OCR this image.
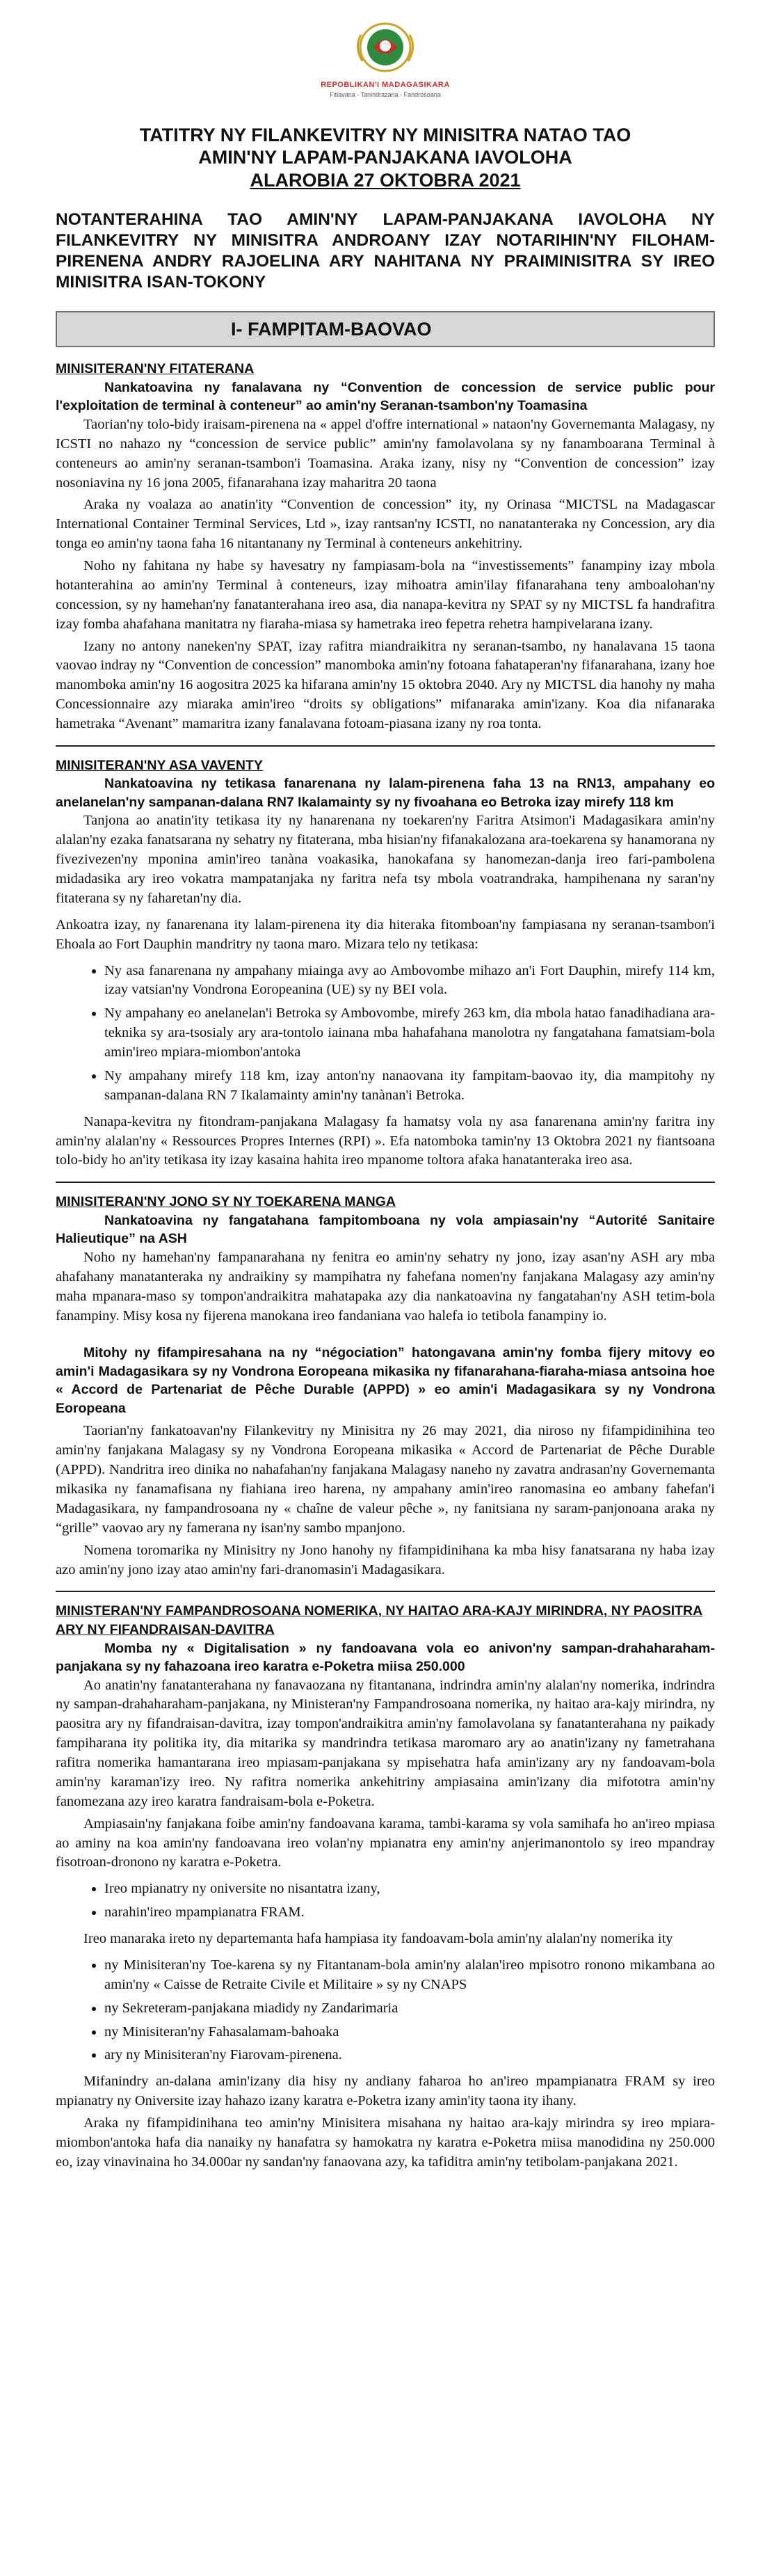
REPOBLIKAN'I MADAGASIKARA
Fitiavana - Tanindrazana - Fandrosoana
TATITRY NY FILANKEVITRY NY MINISITRA NATAO TAO
AMIN'NY LAPAM-PANJAKANA IAVOLOHA
ALAROBIA 27 OKTOBRA 2021
NOTANTERAHINA TAO AMIN'NY LAPAM-PANJAKANA IAVOLOHA NY FILANKEVITRY NY MINISITRA ANDROANY IZAY NOTARIHIN'NY FILOHAM-PIRENENA ANDRY RAJOELINA ARY NAHITANA NY PRAIMINISITRA SY IREO MINISITRA ISAN-TOKONY
I- FAMPITAM-BAOVAO
MINISITERAN'NY FITATERANA

Nankatoavina ny fanalavana ny “Convention de concession de service public pour l'exploitation de terminal à conteneur” ao amin'ny Seranan-tsambon'ny Toamasina

Taorian'ny tolo-bidy iraisam-pirenena na « appel d'offre international » nataon'ny Governemanta Malagasy, ny ICSTI no nahazo ny “concession de service public” amin'ny famolavolana sy ny fanamboarana Terminal à conteneurs ao amin'ny seranan-tsambon'i Toamasina. Araka izany, nisy ny “Convention de concession” izay nosoniavina ny 16 jona 2005, fifanarahana izay maharitra 20 taona

Araka ny voalaza ao anatin'ity “Convention de concession” ity, ny Orinasa “MICTSL na Madagascar International Container Terminal Services, Ltd », izay rantsan'ny ICSTI, no nanatanteraka ny Concession, ary dia tonga eo amin'ny taona faha 16 nitantanany ny Terminal à conteneurs ankehitriny.

Noho ny fahitana ny habe sy havesatry ny fampiasam-bola na “investissements” fanampiny izay mbola hotanterahina ao amin'ny Terminal à conteneurs, izay mihoatra amin'ilay fifanarahana teny amboalohan'ny concession, sy ny hamehan'ny fanatanterahana ireo asa, dia nanapa-kevitra ny SPAT sy ny MICTSL fa handrafitra izay fomba ahafahana manitatra ny fiaraha-miasa sy hametraka ireo fepetra rehetra hampivelarana izany.

Izany no antony naneken'ny SPAT, izay rafitra miandraikitra ny seranan-tsambo, ny hanalavana 15 taona vaovao indray ny “Convention de concession” manomboka amin'ny fotoana fahataperan'ny fifanarahana, izany hoe manomboka amin'ny 16 aogositra 2025 ka hifarana amin'ny 15 oktobra 2040. Ary ny MICTSL dia hanohy ny maha Concessionnaire azy miaraka amin'ireo “droits sy obligations” mifanaraka amin'izany. Koa dia nifanaraka hametraka “Avenant” mamaritra izany fanalavana fotoam-piasana izany ny roa tonta.

MINISITERAN'NY ASA VAVENTY

Nankatoavina ny tetikasa fanarenana ny lalam-pirenena faha 13 na RN13, ampahany eo anelanelan'ny sampanan-dalana RN7 Ikalamainty sy ny fivoahana eo Betroka izay mirefy 118 km

Tanjona ao anatin'ity tetikasa ity ny hanarenana ny toekaren'ny Faritra Atsimon'i Madagasikara amin'ny alalan'ny ezaka fanatsarana ny sehatry ny fitaterana, mba hisian'ny fifanakalozana ara-toekarena sy hanamorana ny fivezivezen'ny mponina amin'ireo tanàna voakasika, hanokafana sy hanomezan-danja ireo fari-pambolena midadasika ary ireo vokatra mampatanjaka ny faritra nefa tsy mbola voatrandraka, hampihenana ny saran'ny fitaterana sy ny faharetan'ny dia.

Ankoatra izay, ny fanarenana ity lalam-pirenena ity dia hiteraka fitomboan'ny fampiasana ny seranan-tsambon'i Ehoala ao Fort Dauphin mandritry ny taona maro. Mizara telo ny tetikasa:

• Ny asa fanarenana ny ampahany miainga avy ao Ambovombe mihazo an'i Fort Dauphin, mirefy 114 km, izay vatsian'ny Vondrona Eoropeanina (UE) sy ny BEI vola.
• Ny ampahany eo anelanelan'i Betroka sy Ambovombe, mirefy 263 km, dia mbola hatao fanadihadiana ara-teknika sy ara-tsosialy ary ara-tontolo iainana mba hahafahana manolotra ny fangatahana famatsiam-bola amin'ireo mpiara-miombon'antoka
• Ny ampahany mirefy 118 km, izay anton'ny nanaovana ity fampitam-baovao ity, dia mampitohy ny sampanan-dalana RN 7 Ikalamainty amin'ny tanànan'i Betroka.

Nanapa-kevitra ny fitondram-panjakana Malagasy fa hamatsy vola ny asa fanarenana amin'ny faritra iny amin'ny alalan'ny « Ressources Propres Internes (RPI) ». Efa natomboka tamin'ny 13 Oktobra 2021 ny fiantsoana tolo-bidy ho an'ity tetikasa ity izay kasaina hahita ireo mpanome toltora afaka hanatanteraka ireo asa.

MINISITERAN'NY JONO SY NY TOEKARENA MANGA

Nankatoavina ny fangatahana fampitomboana ny vola ampiasain'ny “Autorité Sanitaire Halieutique” na ASH

Noho ny hamehan'ny fampanarahana ny fenitra eo amin'ny sehatry ny jono, izay asan'ny ASH ary mba ahafahany manatanteraka ny andraikiny sy mampihatra ny fahefana nomen'ny fanjakana Malagasy azy amin'ny maha mpanara-maso sy tompon'andraikitra mahatapaka azy dia nankatoavina ny fangatahan'ny ASH tetim-bola fanampiny. Misy kosa ny fijerena manokana ireo fandaniana vao halefa io tetibola fanampiny io.

Mitohy ny fifampiresahana na ny “négociation” hatongavana amin'ny fomba fijery mitovy eo amin'i Madagasikara sy ny Vondrona Eoropeana mikasika ny fifanarahana-fiaraha-miasa antsoina hoe « Accord de Partenariat de Pêche Durable (APPD) » eo amin'i Madagasikara sy ny Vondrona Eoropeana

Taorian'ny fankatoavan'ny Filankevitry ny Minisitra ny 26 may 2021, dia niroso ny fifampidinihina teo amin'ny fanjakana Malagasy sy ny Vondrona Eoropeana mikasika « Accord de Partenariat de Pêche Durable (APPD). Nandritra ireo dinika no nahafahan'ny fanjakana Malagasy naneho ny zavatra andrasan'ny Governemanta mikasika ny fanamafisana ny fiahiana ireo harena, ny ampahany amin'ireo ranomasina eo ambany fahefan'i Madagasikara, ny fampandrosoana ny « chaîne de valeur pêche », ny fanitsiana ny saram-panjonoana araka ny “grille” vaovao ary ny famerana ny isan'ny sambo mpanjono.

Nomena toromarika ny Minisitry ny Jono hanohy ny fifampidinihana ka mba hisy fanatsarana ny haba izay azo amin'ny jono izay atao amin'ny fari-dranomasin'i Madagasikara.

MINISTERAN'NY FAMPANDROSOANA NOMERIKA, NY HAITAO ARA-KAJY MIRINDRA, NY PAOSITRA ARY NY FIFANDRAISAN-DAVITRA

Momba ny « Digitalisation » ny fandoavana vola eo anivon'ny sampan-drahaharaham-panjakana sy ny fahazoana ireo karatra e-Poketra miisa 250.000

Ao anatin'ny fanatanterahana ny fanavaozana ny fitantanana, indrindra amin'ny alalan'ny nomerika, indrindra ny sampan-drahaharaham-panjakana, ny Ministeran'ny Fampandrosoana nomerika, ny haitao ara-kajy mirindra, ny paositra ary ny fifandraisan-davitra, izay tompon'andraikitra amin'ny famolavolana sy fanatanterahana ny paikady fampiharana ity politika ity, dia mitarika sy mandrindra tetikasa maromaro ary ao anatin'izany ny fametrahana rafitra nomerika hamantarana ireo mpiasam-panjakana sy mpisehatra hafa amin'izany ary ny fandoavam-bola amin'ny karaman'izy ireo. Ny rafitra nomerika ankehitriny ampiasaina amin'izany dia mifototra amin'ny fanomezana azy ireo karatra fandraisam-bola e-Poketra.

Ampiasain'ny fanjakana foibe amin'ny fandoavana karama, tambi-karama sy vola samihafa ho an'ireo mpiasa ao aminy na koa amin'ny fandoavana ireo volan'ny mpianatra eny amin'ny anjerimanontolo sy ireo mpandray fisotroan-dronono ny karatra e-Poketra.

• Ireo mpianatry ny oniversite no nisantatra izany,
• narahin'ireo mpampianatra FRAM.

Ireo manaraka ireto ny departemanta hafa hampiasa ity fandoavam-bola amin'ny alalan'ny nomerika ity

• ny Minisiteran'ny Toe-karena sy ny Fitantanam-bola amin'ny alalan'ireo mpisotro ronono mikambana ao amin'ny « Caisse de Retraite Civile et Militaire » sy ny CNAPS
• ny Sekreteram-panjakana miadidy ny Zandarimaria
• ny Minisiteran'ny Fahasalamam-bahoaka
• ary ny Minisiteran'ny Fiarovam-pirenena.

Mifanindry an-dalana amin'izany dia hisy ny andiany faharoa ho an'ireo mpampianatra FRAM sy ireo mpianatry ny Oniversite izay hahazo izany karatra e-Poketra izany amin'ity taona ity ihany.

Araka ny fifampidinihana teo amin'ny Minisitera misahana ny haitao ara-kajy mirindra sy ireo mpiara-miombon'antoka hafa dia nanaiky ny hanafatra sy hamokatra ny karatra e-Poketra miisa manodidina ny 250.000 eo, izay vinavinaina ho 34.000ar ny sandan'ny fanaovana azy, ka tafiditra amin'ny tetibolam-panjakana 2021.
